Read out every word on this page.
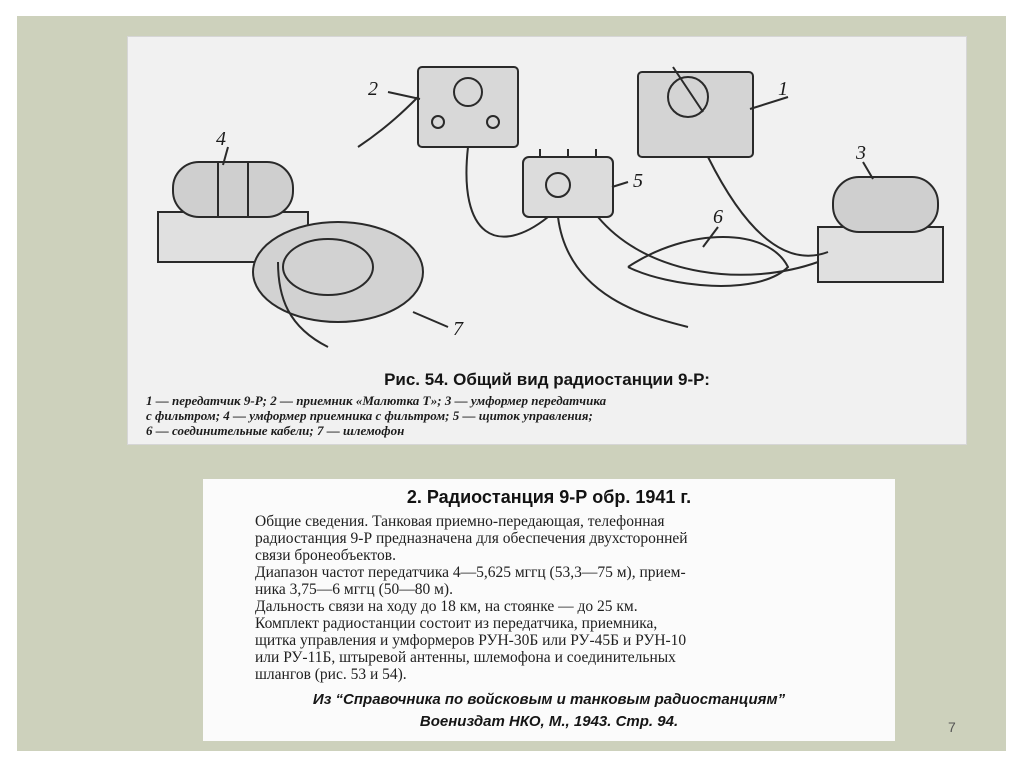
1
2
3
4
5
6
7
Рис. 54. Общий вид радиостанции 9-Р:
1 — передатчик 9-Р; 2 — приемник «Малютка Т»; 3 — умформер передатчика
с фильтром; 4 — умформер приемника с фильтром; 5 — щиток управления;
6 — соединительные кабели; 7 — шлемофон
2. Радиостанция 9-Р обр. 1941 г.
Общие сведения. Танковая приемно-передающая, телефонная
радиостанция 9-Р предназначена для обеспечения двухсторонней
связи бронеобъектов.
Диапазон частот передатчика 4—5,625 мггц (53,3—75 м), прием-
ника 3,75—6 мггц (50—80 м).
Дальность связи на ходу до 18 км, на стоянке — до 25 км.
Комплект радиостанции состоит из передатчика, приемника,
щитка управления и умформеров РУН-30Б или РУ-45Б и РУН-10
или РУ-11Б, штыревой антенны, шлемофона и соединительных
шлангов (рис. 53 и 54).
Из “Справочника по войсковым и танковым радиостанциям”
Воениздат НКО, М., 1943. Стр. 94.	7
